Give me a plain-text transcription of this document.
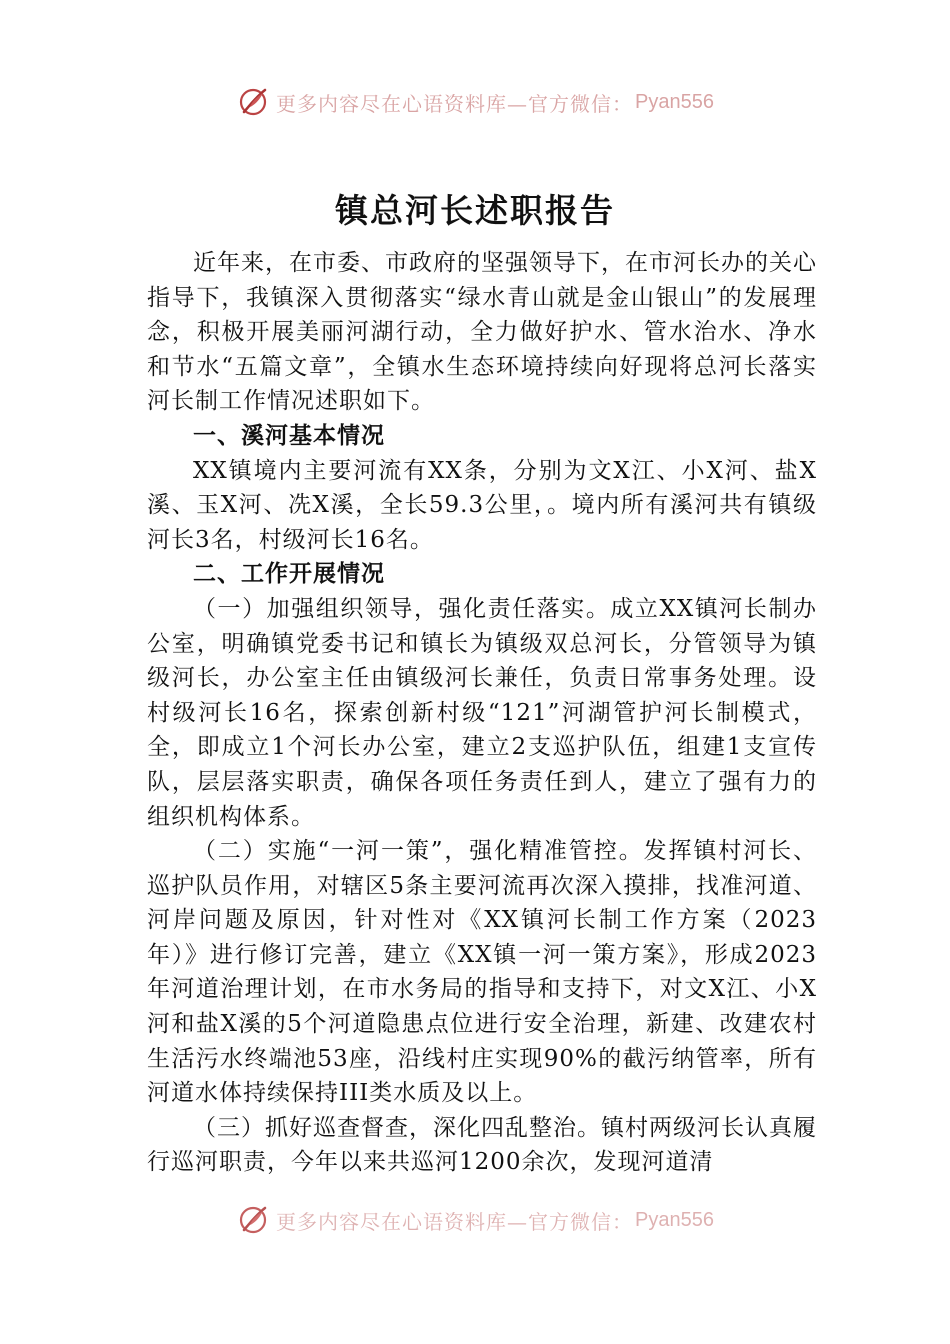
更多内容尽在心语资料库—官方微信： Pyan556
镇总河长述职报告

近年来，在市委、市政府的坚强领导下，在市河长办的关心指导下，我镇深入贯彻落实“绿水青山就是金山银山”的发展理念，积极开展美丽河湖行动，全力做好护水、管水治水、净水和节水“五篇文章”，全镇水生态环境持续向好现将总河长落实河长制工作情况述职如下。

一、溪河基本情况

XX镇境内主要河流有XX条，分别为文X江、小X河、盐X溪、玉X河、冼X溪，全长59.3公里，。境内所有溪河共有镇级河长3名，村级河长16名。

二、工作开展情况

（一）加强组织领导，强化责任落实。成立XX镇河长制办公室，明确镇党委书记和镇长为镇级双总河长，分管领导为镇级河长，办公室主任由镇级河长兼任，负责日常事务处理。设村级河长16名，探索创新村级“121”河湖管护河长制模式，全，即成立1个河长办公室，建立2支巡护队伍，组建1支宣传队，层层落实职责，确保各项任务责任到人，建立了强有力的组织机构体系。

（二）实施“一河一策”，强化精准管控。发挥镇村河长、巡护队员作用，对辖区5条主要河流再次深入摸排，找准河道、河岸问题及原因，针对性对《XX镇河长制工作方案（2023年）》进行修订完善，建立《XX镇一河一策方案》，形成2023年河道治理计划，在市水务局的指导和支持下，对文X江、小X河和盐X溪的5个河道隐患点位进行安全治理，新建、改建农村生活污水终端池53座，沿线村庄实现90%的截污纳管率，所有河道水体持续保持III类水质及以上。

（三）抓好巡查督查，深化四乱整治。镇村两级河长认真履行巡河职责，今年以来共巡河1200余次，发现河道清

更多内容尽在心语资料库—官方微信： Pyan556
